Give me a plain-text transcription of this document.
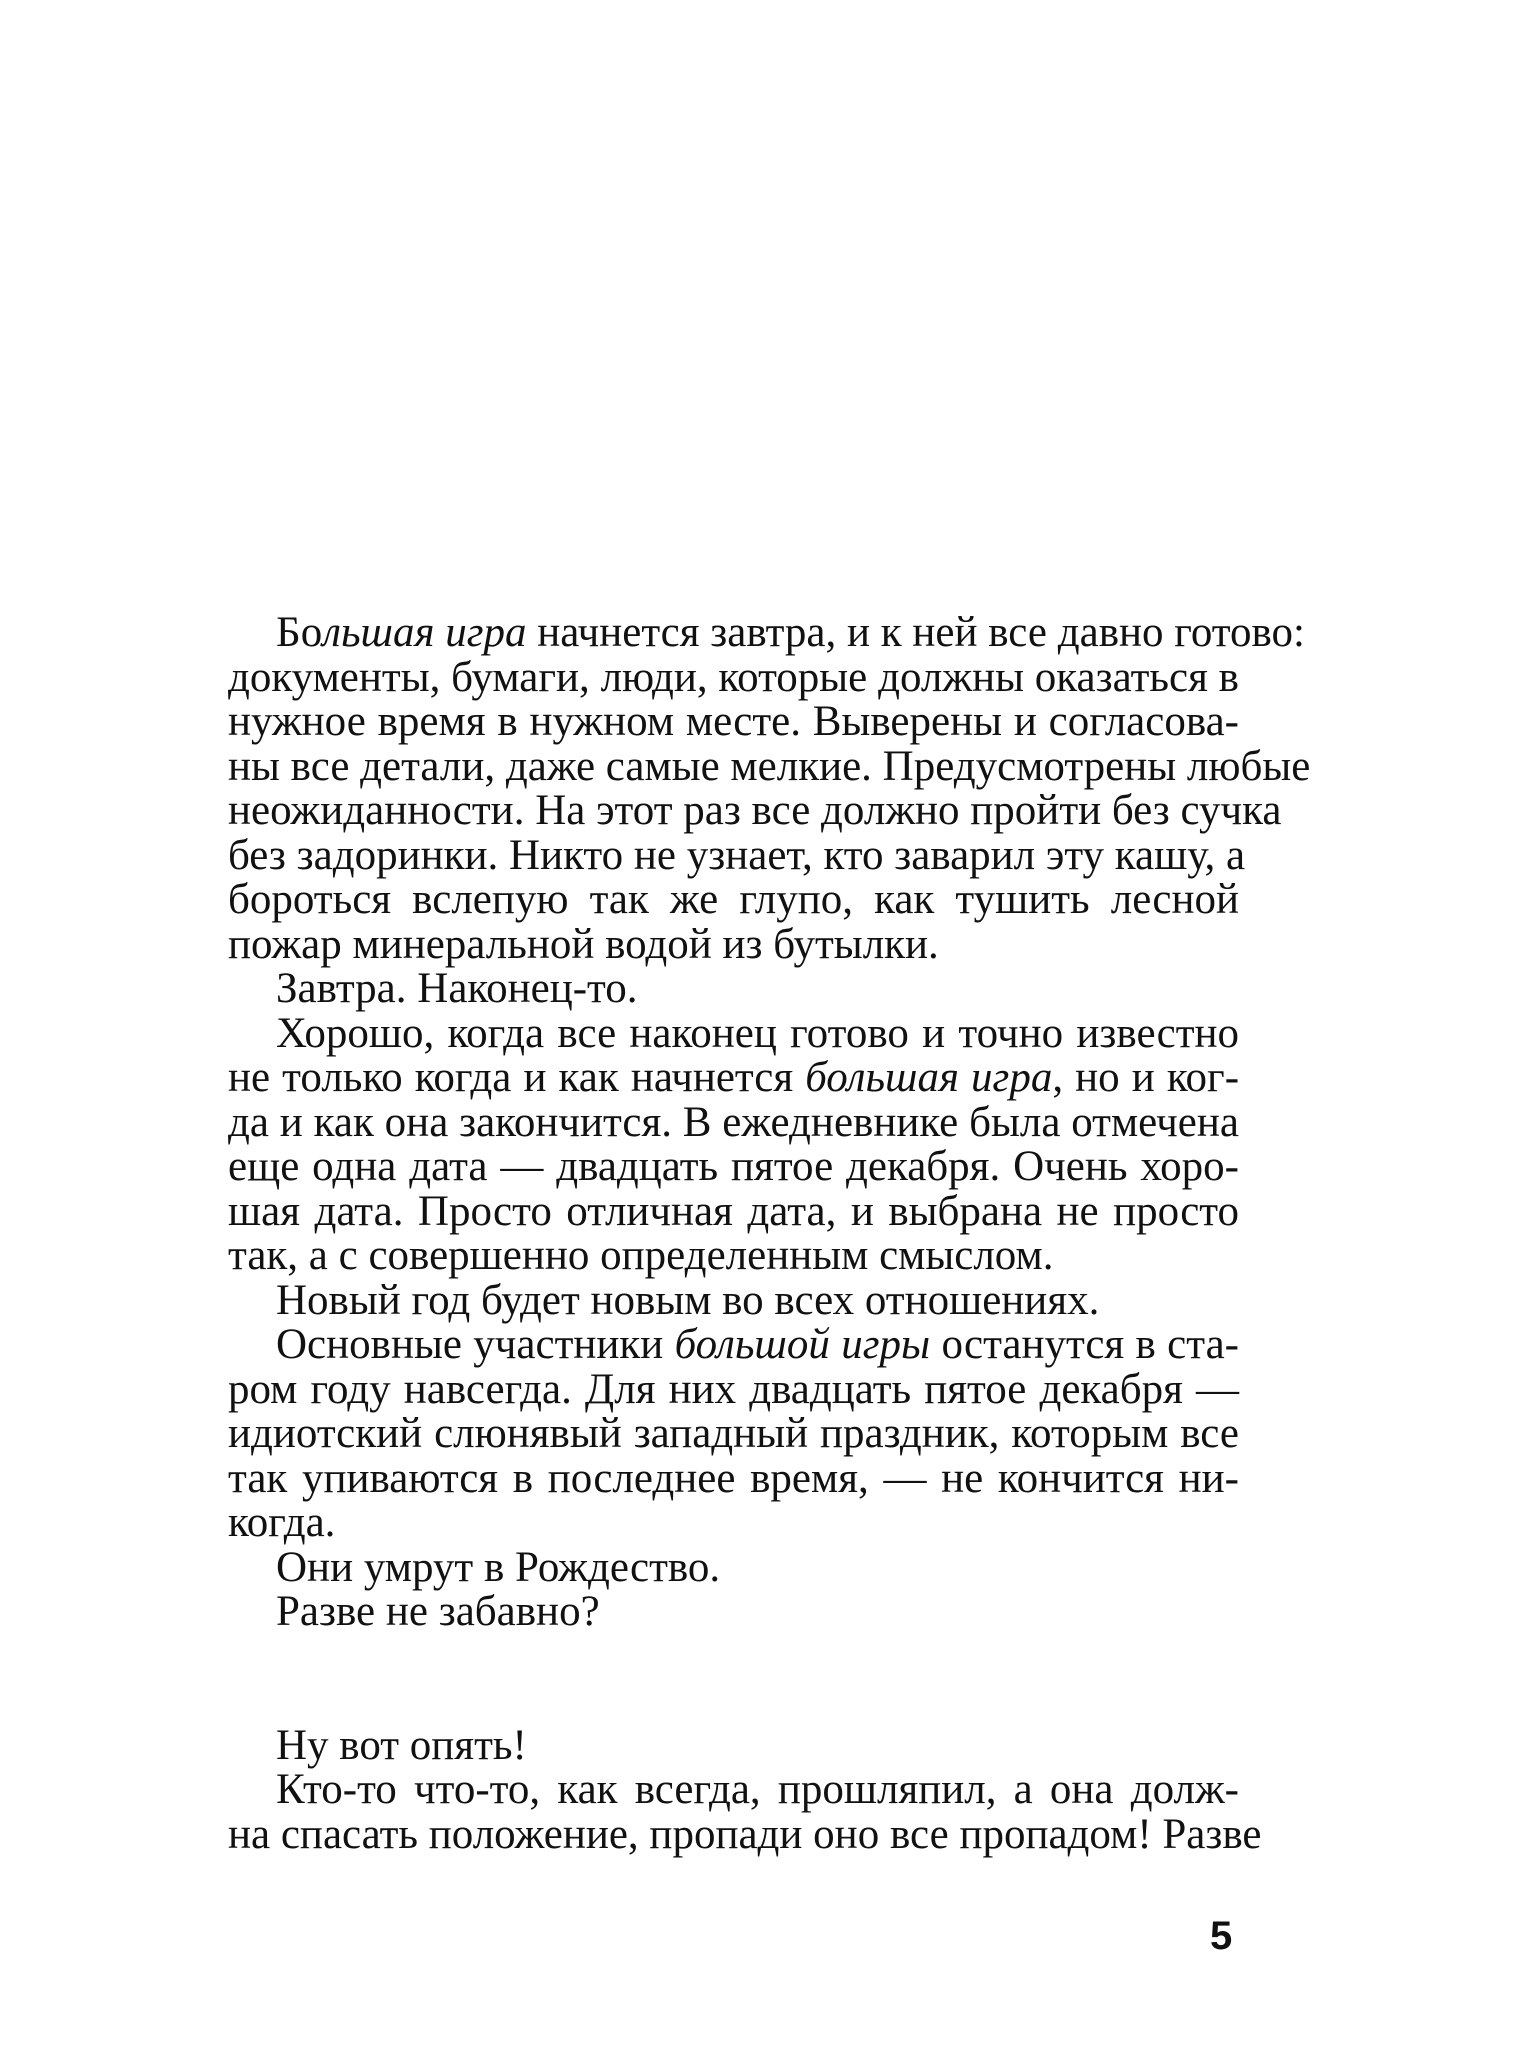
Большая игра начнется завтра, и к ней все давно готово:
документы, бумаги, люди, которые должны оказаться в
нужное время в нужном месте. Выверены и согласова-
ны все детали, даже самые мелкие. Предусмотрены любые
неожиданности. На этот раз все должно пройти без сучка
без задоринки. Никто не узнает, кто заварил эту кашу, а
бороться вслепую так же глупо, как тушить лесной
пожар минеральной водой из бутылки.
Завтра. Наконец-то.
Хорошо, когда все наконец готово и точно известно
не только когда и как начнется большая игра, но и ког-
да и как она закончится. В ежедневнике была отмечена
еще одна дата — двадцать пятое декабря. Очень хоро-
шая дата. Просто отличная дата, и выбрана не просто
так, а с совершенно определенным смыслом.
Новый год будет новым во всех отношениях.
Основные участники большой игры останутся в ста-
ром году навсегда. Для них двадцать пятое декабря —
идиотский слюнявый западный праздник, которым все
так упиваются в последнее время, — не кончится ни-
когда.
Они умрут в Рождество.
Разве не забавно?
Ну вот опять!
Кто-то что-то, как всегда, прошляпил, а она долж-
на спасать положение, пропади оно все пропадом! Разве
5
